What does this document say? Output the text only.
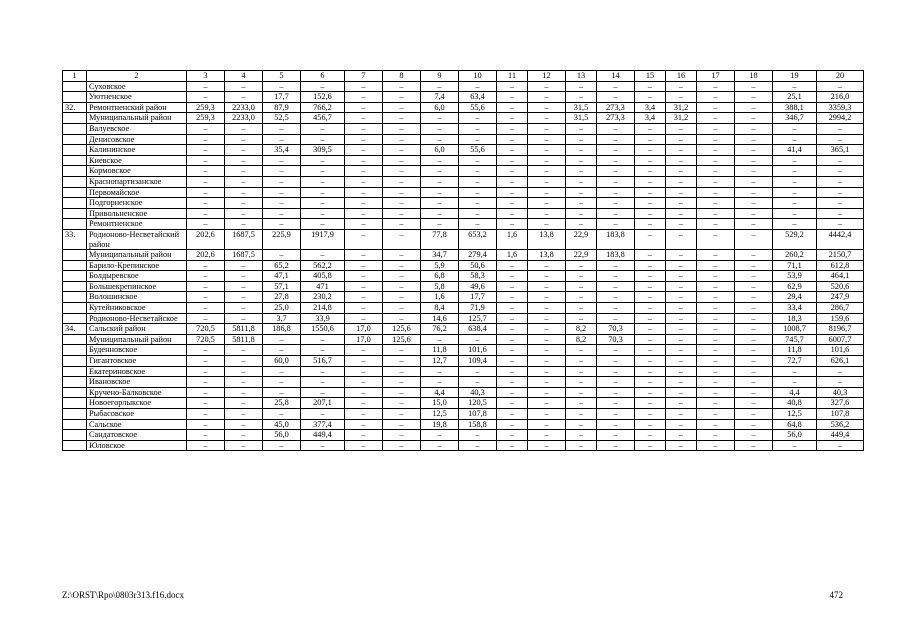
1	2	3	4	5	6	7	8	9	10	11	12	13	14	15	16	17	18	19	20
	Суховское	–	–	–	–	–	–	–	–	–	–	–	–	–	–	–	–	–	–
	Уютненское	–	–	17,7	152,6	–	–	7,4	63,4	–	–	–	–	–	–	–	–	25,1	216,0
32.	Ремонтненский район	259,3	2233,0	87,9	766,2	–	–	6,0	55,6	–	–	31,5	273,3	3,4	31,2	–	–	388,1	3359,3
	Муниципальный район	259,3	2233,0	52,5	456,7	–	–	–	–	–	–	31,5	273,3	3,4	31,2	–	–	346,7	2994,2
	Валуевское	–	–	–	–	–	–	–	–	–	–	–	–	–	–	–	–	–	–
	Денисовское	–	–	–	–	–	–	–	–	–	–	–	–	–	–	–	–	–	–
	Калининское	–	–	35,4	309,5	–	–	6,0	55,6	–	–	–	–	–	–	–	–	41,4	365,1
	Киевское	–	–	–	–	–	–	–	–	–	–	–	–	–	–	–	–	–	–
	Кормовское	–	–	–	–	–	–	–	–	–	–	–	–	–	–	–	–	–	–
	Краснопартизанское	–	–	–	–	–	–	–	–	–	–	–	–	–	–	–	–	–	–
	Первомайское	–	–	–	–	–	–	–	–	–	–	–	–	–	–	–	–	–	–
	Подгорненское	–	–	–	–	–	–	–	–	–	–	–	–	–	–	–	–	–	–
	Привольненское	–	–	–	–	–	–	–	–	–	–	–	–	–	–	–	–	–	–
	Ремонтненское	–	–	–	–	–	–	–	–	–	–	–	–	–	–	–	–	–	–
33.	Родионово-Несветайский район	202,6	1687,5	225,9	1917,9	–	–	77,8	653,2	1,6	13,8	22,9	183,8	–	–	–	–	529,2	4442,4
	Муниципальный район	202,6	1687,5	–	–	–	–	34,7	279,4	1,6	13,8	22,9	183,8	–	–	–	–	260,2	2150,7
	Барило-Крепинское	–	–	65,2	562,2	–	–	5,9	50,6	–	–	–	–	–	–	–	–	71,1	612,8
	Болдыревское	–	–	47,1	405,8	–	–	6,8	58,3	–	–	–	–	–	–	–	–	53,9	464,1
	Большекрепинское	–	–	57,1	471	–	–	5,8	49,6	–	–	–	–	–	–	–	–	62,9	520,6
	Волошинское	–	–	27,8	230,2	–	–	1,6	17,7	–	–	–	–	–	–	–	–	29,4	247,9
	Кутейниковское	–	–	25,0	214,8	–	–	8,4	71,9	–	–	–	–	–	–	–	–	33,4	286,7
	Родионово-Несветайское	–	–	3,7	33,9	–	–	14,6	125,7	–	–	–	–	–	–	–	–	18,3	159,6
34.	Сальский район	720,5	5811,8	186,8	1550,6	17,0	125,6	76,2	638,4	–	–	8,2	70,3	–	–	–	–	1008,7	8196,7
	Муниципальный район	720,5	5811,8	–	–	17,0	125,6	–	–	–	–	8,2	70,3	–	–	–	–	745,7	6007,7
	Буденновское	–	–	–	–	–	–	11,8	101,6	–	–	–	–	–	–	–	–	11,8	101,6
	Гигантовское	–	–	60,0	516,7	–	–	12,7	109,4	–	–	–	–	–	–	–	–	72,7	626,1
	Екатериновское	–	–	–	–	–	–	–	–	–	–	–	–	–	–	–	–	–	–
	Ивановское	–	–	–	–	–	–	–	–	–	–	–	–	–	–	–	–	–	–
	Кручено-Балковское	–	–	–	–	–	–	4,4	40,3	–	–	–	–	–	–	–	–	4,4	40,3
	Новоегорлыкское	–	–	25,8	207,1	–	–	15,0	120,5	–	–	–	–	–	–	–	–	40,8	327,6
	Рыбасовское	–	–	–	–	–	–	12,5	107,8	–	–	–	–	–	–	–	–	12,5	107,8
	Сальское	–	–	45,0	377,4	–	–	19,8	158,8	–	–	–	–	–	–	–	–	64,8	536,2
	Сандатовское	–	–	56,0	449,4	–	–	–	–	–	–	–	–	–	–	–	–	56,0	449,4
	Юловское	–	–	–	–	–	–	–	–	–	–	–	–	–	–	–	–	–	–
Z:\ORST\Rpo\0803r313.f16.docx	472
